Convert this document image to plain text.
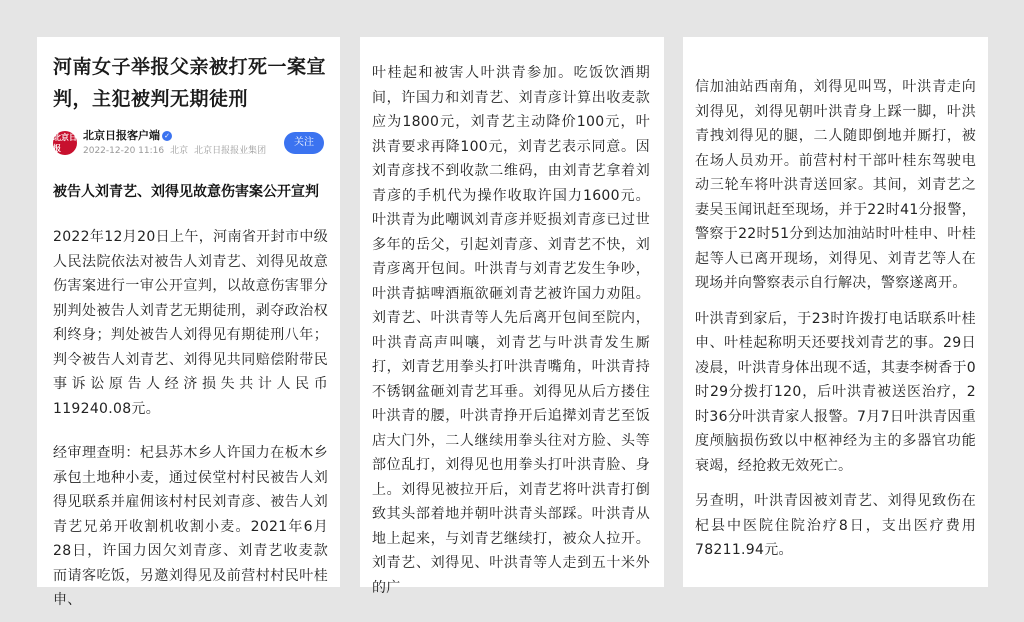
河南女子举报父亲被打死一案宣判，主犯被判无期徒刑
北京日报
北京日报客户端 ✓
2022-12-20 11:16 北京 北京日报报业集团
关注
被告人刘青艺、刘得见故意伤害案公开宣判

2022年12月20日上午，河南省开封市中级人民法院依法对被告人刘青艺、刘得见故意伤害案进行一审公开宣判，以故意伤害罪分别判处被告人刘青艺无期徒刑，剥夺政治权利终身；判处被告人刘得见有期徒刑八年；判令被告人刘青艺、刘得见共同赔偿附带民事诉讼原告人经济损失共计人民币119240.08元。

经审理查明：杞县苏木乡人许国力在板木乡承包土地种小麦，通过侯堂村村民被告人刘得见联系并雇佣该村村民刘青彦、被告人刘青艺兄弟开收割机收割小麦。2021年6月28日，许国力因欠刘青彦、刘青艺收麦款而请客吃饭，另邀刘得见及前营村村民叶桂申、

叶桂起和被害人叶洪青参加。吃饭饮酒期间，许国力和刘青艺、刘青彦计算出收麦款应为1800元，刘青艺主动降价100元，叶洪青要求再降100元，刘青艺表示同意。因刘青彦找不到收款二维码，由刘青艺拿着刘青彦的手机代为操作收取许国力1600元。叶洪青为此嘲讽刘青彦并贬损刘青彦已过世多年的岳父，引起刘青彦、刘青艺不快，刘青彦离开包间。叶洪青与刘青艺发生争吵，叶洪青掂啤酒瓶欲砸刘青艺被许国力劝阻。刘青艺、叶洪青等人先后离开包间至院内，叶洪青高声叫嚷，刘青艺与叶洪青发生厮打，刘青艺用拳头打叶洪青嘴角，叶洪青持不锈钢盆砸刘青艺耳垂。刘得见从后方搂住叶洪青的腰，叶洪青挣开后追撵刘青艺至饭店大门外，二人继续用拳头往对方脸、头等部位乱打，刘得见也用拳头打叶洪青脸、身上。刘得见被拉开后，刘青艺将叶洪青打倒致其头部着地并朝叶洪青头部踩。叶洪青从地上起来，与刘青艺继续打，被众人拉开。刘青艺、刘得见、叶洪青等人走到五十米外的广

信加油站西南角，刘得见叫骂，叶洪青走向刘得见，刘得见朝叶洪青身上踩一脚，叶洪青拽刘得见的腿，二人随即倒地并厮打，被在场人员劝开。前营村村干部叶桂东驾驶电动三轮车将叶洪青送回家。其间，刘青艺之妻吴玉闻讯赶至现场，并于22时41分报警，警察于22时51分到达加油站时叶桂申、叶桂起等人已离开现场，刘得见、刘青艺等人在现场并向警察表示自行解决，警察遂离开。

叶洪青到家后，于23时许拨打电话联系叶桂申、叶桂起称明天还要找刘青艺的事。29日凌晨，叶洪青身体出现不适，其妻李树香于0时29分拨打120，后叶洪青被送医治疗，2时36分叶洪青家人报警。7月7日叶洪青因重度颅脑损伤致以中枢神经为主的多器官功能衰竭，经抢救无效死亡。

另查明，叶洪青因被刘青艺、刘得见致伤在杞县中医院住院治疗8日，支出医疗费用78211.94元。
